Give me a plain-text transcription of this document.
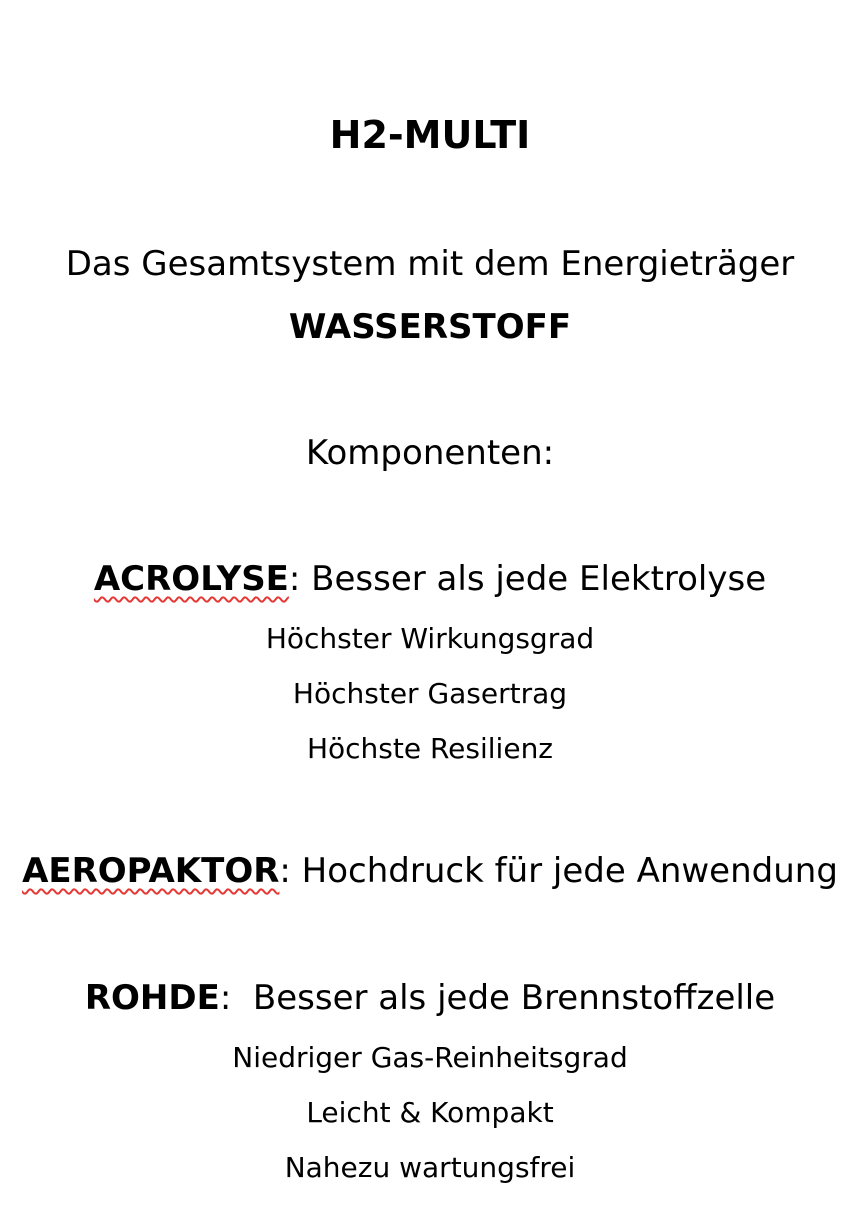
H2-MULTI
Das Gesamtsystem mit dem Energieträger
WASSERSTOFF
Komponenten:
ACROLYSE: Besser als jede Elektrolyse
Höchster Wirkungsgrad
Höchster Gasertrag
Höchste Resilienz
AEROPAKTOR: Hochdruck für jede Anwendung
ROHDE:  Besser als jede Brennstoffzelle
Niedriger Gas-Reinheitsgrad
Leicht & Kompakt
Nahezu wartungsfrei
